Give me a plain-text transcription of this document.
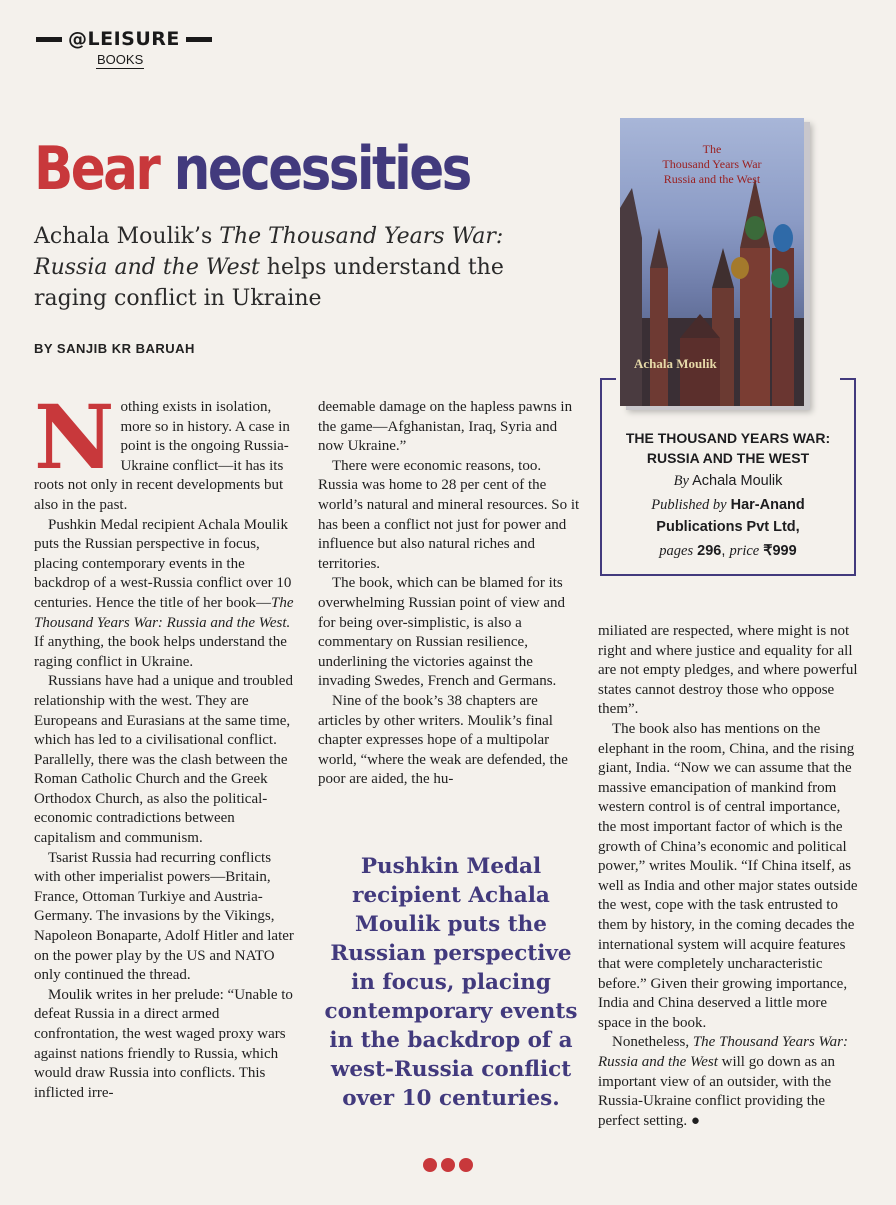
@LEISURE
BOOKS
Bear necessities
Achala Moulik’s The Thousand Years War: Russia and the West helps understand the raging conflict in Ukraine
BY SANJIB KR BARUAH

Nothing exists in isolation, more so in history. A case in point is the ongoing Russia-Ukraine conflict—it has its roots not only in recent developments but also in the past.

Pushkin Medal recipient Achala Moulik puts the Russian perspective in focus, placing contemporary events in the backdrop of a west-Russia conflict over 10 centuries. Hence the title of her book—The Thousand Years War: Russia and the West. If anything, the book helps understand the raging conflict in Ukraine.

Russians have had a unique and troubled relationship with the west. They are Europeans and Eurasians at the same time, which has led to a civilisational conflict. Parallelly, there was the clash between the Roman Catholic Church and the Greek Orthodox Church, as also the political-economic contradictions between capitalism and communism.

Tsarist Russia had recurring conflicts with other imperialist powers—Britain, France, Ottoman Turkiye and Austria-Germany. The invasions by the Vikings, Napoleon Bonaparte, Adolf Hitler and later on the power play by the US and NATO only continued the thread.

Moulik writes in her prelude: “Unable to defeat Russia in a direct armed confrontation, the west waged proxy wars against nations friendly to Russia, which would draw Russia into conflicts. This inflicted irre-

deemable damage on the hapless pawns in the game—Afghanistan, Iraq, Syria and now Ukraine.”

There were economic reasons, too. Russia was home to 28 per cent of the world’s natural and mineral resources. So it has been a conflict not just for power and influence but also natural riches and territories.

The book, which can be blamed for its overwhelming Russian point of view and for being over-simplistic, is also a commentary on Russian resilience, underlining the victories against the invading Swedes, French and Germans.

Nine of the book’s 38 chapters are articles by other writers. Moulik’s final chapter expresses hope of a multipolar world, “where the weak are defended, the poor are aided, the hu-

Pushkin Medal recipient Achala Moulik puts the Russian perspective in focus, placing contemporary events in the backdrop of a west-Russia conflict over 10 centuries.

miliated are respected, where might is not right and where justice and equality for all are not empty pledges, and where powerful states cannot destroy those who oppose them”.

The book also has mentions on the elephant in the room, China, and the rising giant, India. “Now we can assume that the massive emancipation of mankind from western control is of central importance, the most important factor of which is the growth of China’s economic and political power,” writes Moulik. “If China itself, as well as India and other major states outside the west, cope with the task entrusted to them by history, in the coming decades the international system will acquire features that were completely uncharacteristic before.” Given their growing importance, India and China deserved a little more space in the book.

Nonetheless, The Thousand Years War: Russia and the West will go down as an important view of an outsider, with the Russia-Ukraine conflict providing the perfect setting. ●

The
Thousand Years War
Russia and the West
Achala Moulik
THE THOUSAND YEARS WAR:
RUSSIA AND THE WEST
By Achala Moulik
Published by Har-Anand
Publications Pvt Ltd,
pages 296, price ₹999
